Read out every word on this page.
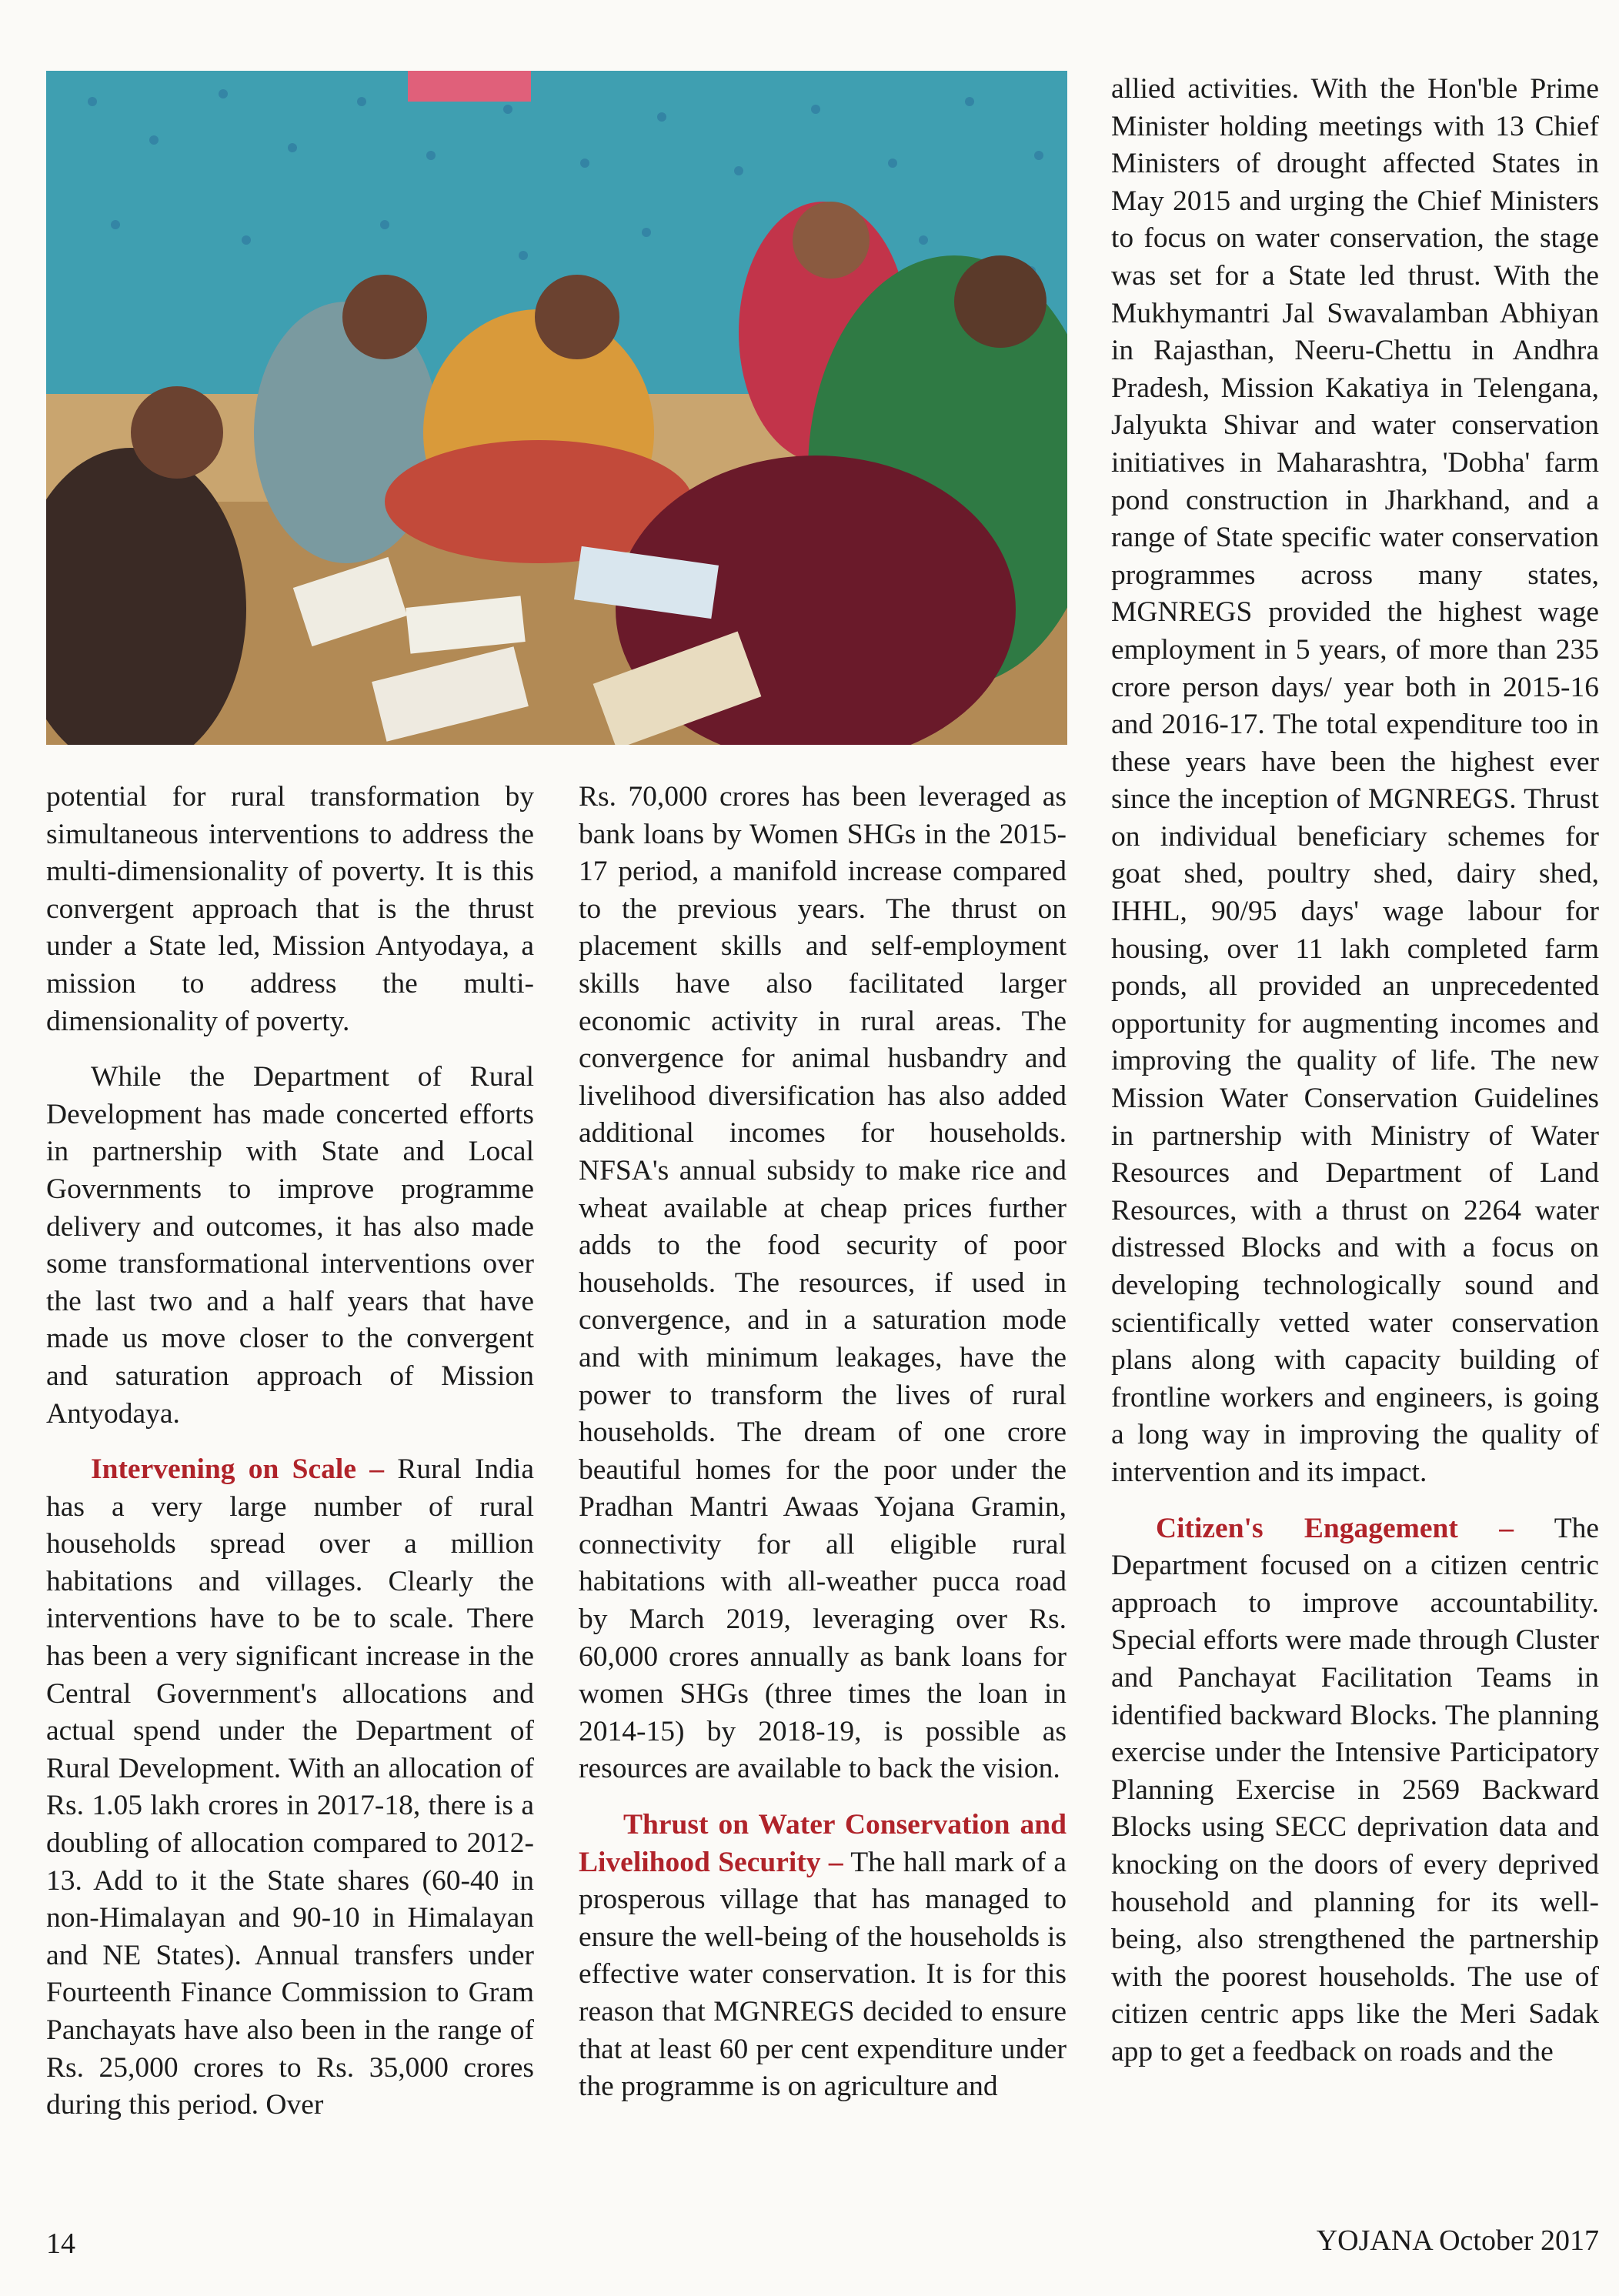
potential for rural transformation by simultaneous interventions to address the multi-dimensionality of poverty. It is this convergent approach that is the thrust under a State led, Mission Antyodaya, a mission to address the multi-dimensionality of poverty.

While the Department of Rural Development has made concerted efforts in partnership with State and Local Governments to improve programme delivery and outcomes, it has also made some transformational interventions over the last two and a half years that have made us move closer to the convergent and saturation approach of Mission Antyodaya.

Intervening on Scale – Rural India has a very large number of rural households spread over a million habitations and villages. Clearly the interventions have to be to scale. There has been a very significant increase in the Central Government's allocations and actual spend under the Department of Rural Development. With an allocation of Rs. 1.05 lakh crores in 2017-18, there is a doubling of allocation compared to 2012-13. Add to it the State shares (60-40 in non-Himalayan and 90-10 in Himalayan and NE States). Annual transfers under Fourteenth Finance Commission to Gram Panchayats have also been in the range of Rs. 25,000 crores to Rs. 35,000 crores during this period. Over

Rs. 70,000 crores has been leveraged as bank loans by Women SHGs in the 2015-17 period, a manifold increase compared to the previous years. The thrust on placement skills and self-employment skills have also facilitated larger economic activity in rural areas. The convergence for animal husbandry and livelihood diversification has also added additional incomes for households. NFSA's annual subsidy to make rice and wheat available at cheap prices further adds to the food security of poor households. The resources, if used in convergence, and in a saturation mode and with minimum leakages, have the power to transform the lives of rural households. The dream of one crore beautiful homes for the poor under the Pradhan Mantri Awaas Yojana Gramin, connectivity for all eligible rural habitations with all-weather pucca road by March 2019, leveraging over Rs. 60,000 crores annually as bank loans for women SHGs (three times the loan in 2014-15) by 2018-19, is possible as resources are available to back the vision.

Thrust on Water Conservation and Livelihood Security – The hall mark of a prosperous village that has managed to ensure the well-being of the households is effective water conservation. It is for this reason that MGNREGS decided to ensure that at least 60 per cent expenditure under the programme is on agriculture and

allied activities. With the Hon'ble Prime Minister holding meetings with 13 Chief Ministers of drought affected States in May 2015 and urging the Chief Ministers to focus on water conservation, the stage was set for a State led thrust. With the Mukhymantri Jal Swavalamban Abhiyan in Rajasthan, Neeru-Chettu in Andhra Pradesh, Mission Kakatiya in Telengana, Jalyukta Shivar and water conservation initiatives in Maharashtra, 'Dobha' farm pond construction in Jharkhand, and a range of State specific water conservation programmes across many states, MGNREGS provided the highest wage employment in 5 years, of more than 235 crore person days/ year both in 2015-16 and 2016-17. The total expenditure too in these years have been the highest ever since the inception of MGNREGS. Thrust on individual beneficiary schemes for goat shed, poultry shed, dairy shed, IHHL, 90/95 days' wage labour for housing, over 11 lakh completed farm ponds, all provided an unprecedented opportunity for augmenting incomes and improving the quality of life. The new Mission Water Conservation Guidelines in partnership with Ministry of Water Resources and Department of Land Resources, with a thrust on 2264 water distressed Blocks and with a focus on developing technologically sound and scientifically vetted water conservation plans along with capacity building of frontline workers and engineers, is going a long way in improving the quality of intervention and its impact.

Citizen's Engagement – The Department focused on a citizen centric approach to improve accountability. Special efforts were made through Cluster and Panchayat Facilitation Teams in identified backward Blocks. The planning exercise under the Intensive Participatory Planning Exercise in 2569 Backward Blocks using SECC deprivation data and knocking on the doors of every deprived household and planning for its well-being, also strengthened the partnership with the poorest households. The use of citizen centric apps like the Meri Sadak app to get a feedback on roads and the

14	YOJANA October 2017
